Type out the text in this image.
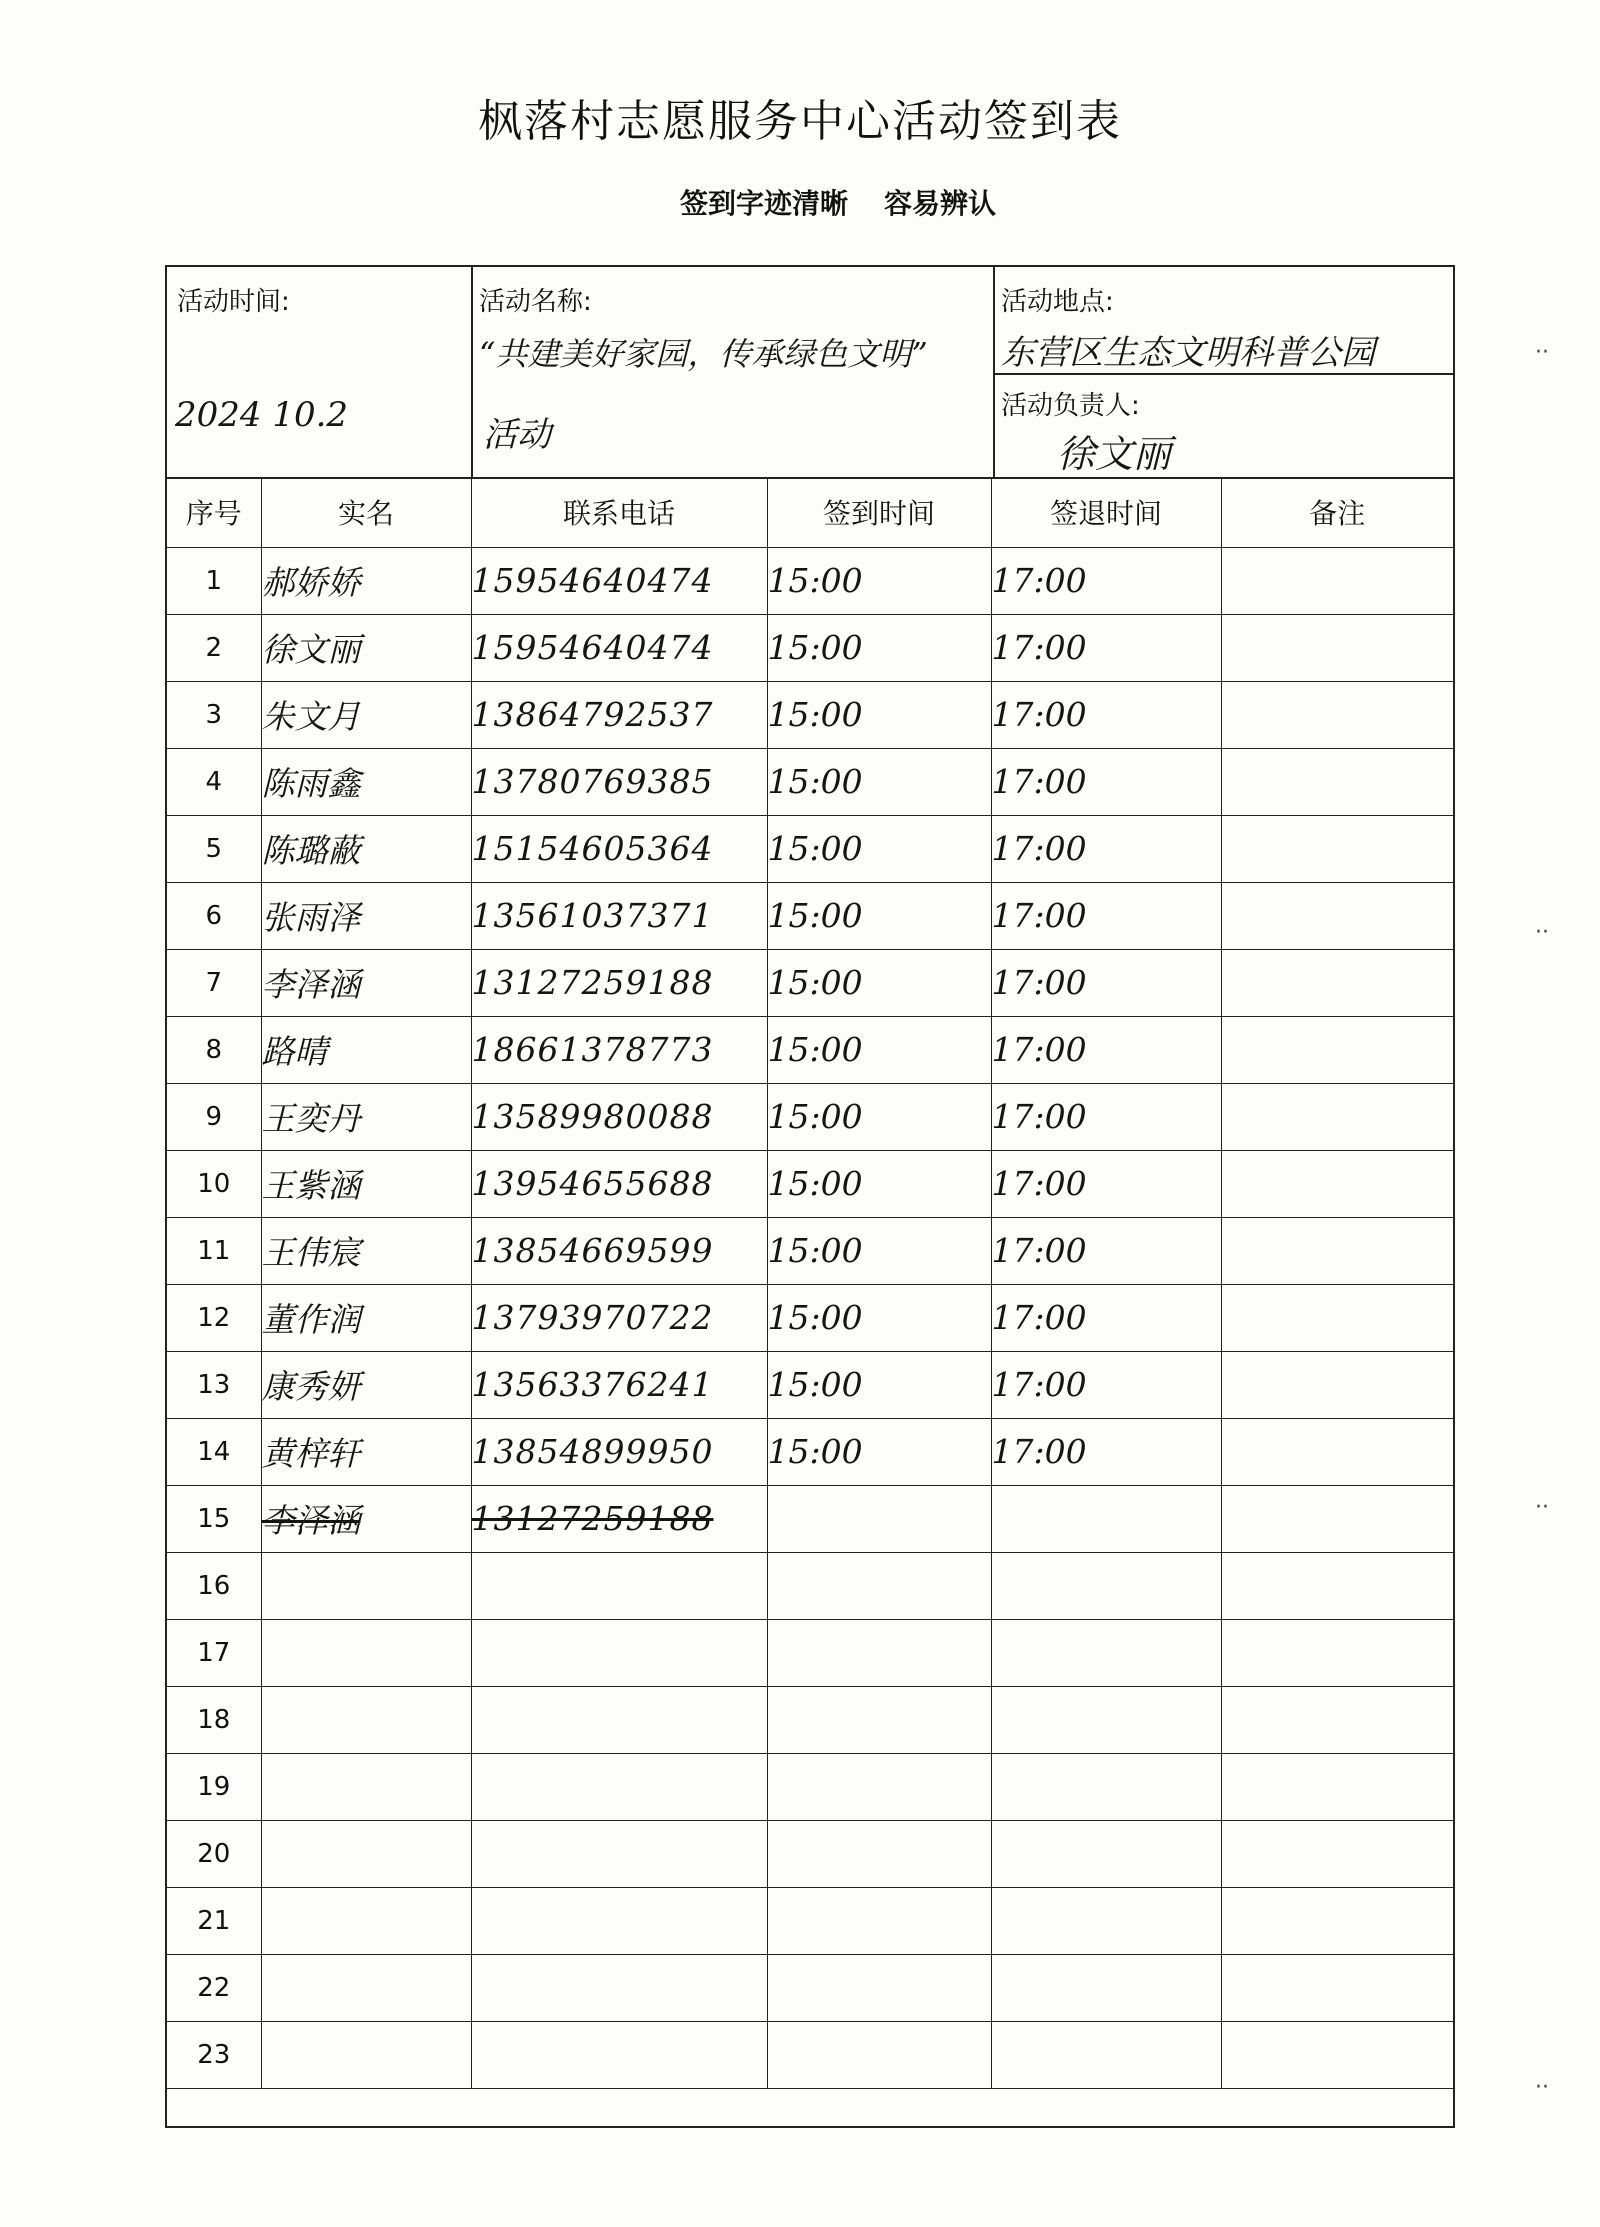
枫落村志愿服务中心活动签到表
签到字迹清晰 容易辨认
活动时间:
2024 10.2
活动名称:
“共建美好家园，传承绿色文明”
活动
活动地点:
东营区生态文明科普公园
活动负责人:
徐文丽
序号	实名	联系电话	签到时间	签退时间	备注
1	郝娇娇	15954640474	15:00	17:00	
2	徐文丽	15954640474	15:00	17:00	
3	朱文月	13864792537	15:00	17:00	
4	陈雨鑫	13780769385	15:00	17:00	
5	陈璐蔽	15154605364	15:00	17:00	
6	张雨泽	13561037371	15:00	17:00	
7	李泽涵	13127259188	15:00	17:00	
8	路晴	18661378773	15:00	17:00	
9	王奕丹	13589980088	15:00	17:00	
10	王紫涵	13954655688	15:00	17:00	
11	王伟宸	13854669599	15:00	17:00	
12	董作润	13793970722	15:00	17:00	
13	康秀妍	13563376241	15:00	17:00	
14	黄梓轩	13854899950	15:00	17:00	
15	李泽涵	13127259188			
16					
17					
18					
19					
20					
21					
22					
23					
··
··
··
··
